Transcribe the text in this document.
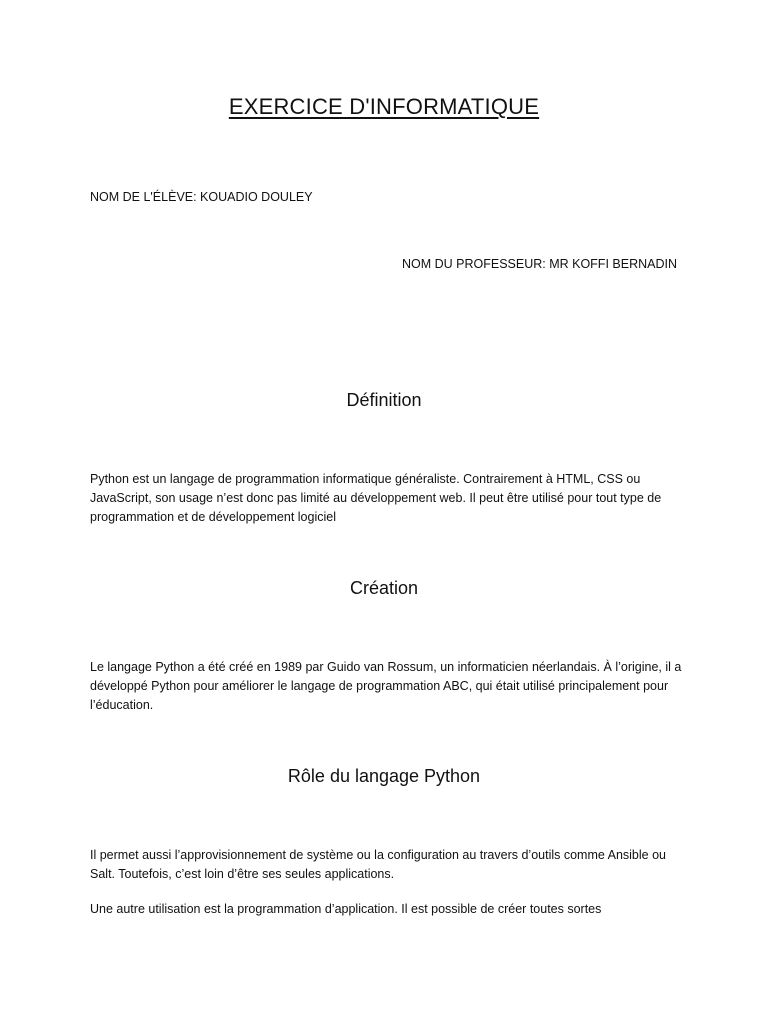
EXERCICE D'INFORMATIQUE
NOM DE L'ÉLÈVE: KOUADIO DOULEY
NOM DU PROFESSEUR: MR KOFFI BERNADIN
Définition

Python est un langage de programmation informatique généraliste. Contrairement à HTML, CSS ou JavaScript, son usage n’est donc pas limité au développement web. Il peut être utilisé pour tout type de programmation et de développement logiciel

Création

Le langage Python a été créé en 1989 par Guido van Rossum, un informaticien néerlandais. À l’origine, il a développé Python pour améliorer le langage de programmation ABC, qui était utilisé principalement pour l’éducation.

Rôle du langage Python

Il permet aussi l’approvisionnement de système ou la configuration au travers d’outils comme Ansible ou Salt. Toutefois, c’est loin d’être ses seules applications.

Une autre utilisation est la programmation d’application. Il est possible de créer toutes sortes
